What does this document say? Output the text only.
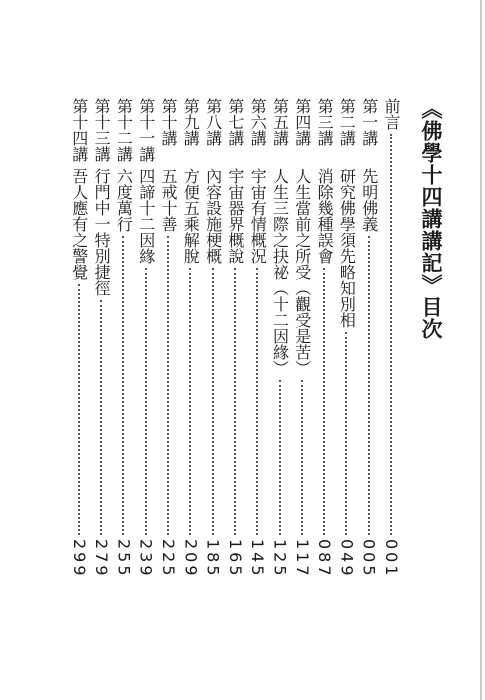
《佛學十四講講記》目次
前言
001
第一講
先明佛義
005
第二講
研究佛學須先略知別相
049
第三講
消除幾種誤會
087
第四講
人生當前之所受（觀受是苦）
117
第五講
人生三際之抉祕（十二因緣）
125
第六講
宇宙有情概況
145
第七講
宇宙器界概說
165
第八講
內容設施梗概
185
第九講
方便五乘解脫
209
第十講
五戒十善
225
第十一講
四諦十二因緣
239
第十二講
六度萬行
255
第十三講
行門中一特別捷徑
279
第十四講
吾人應有之警覺
299
